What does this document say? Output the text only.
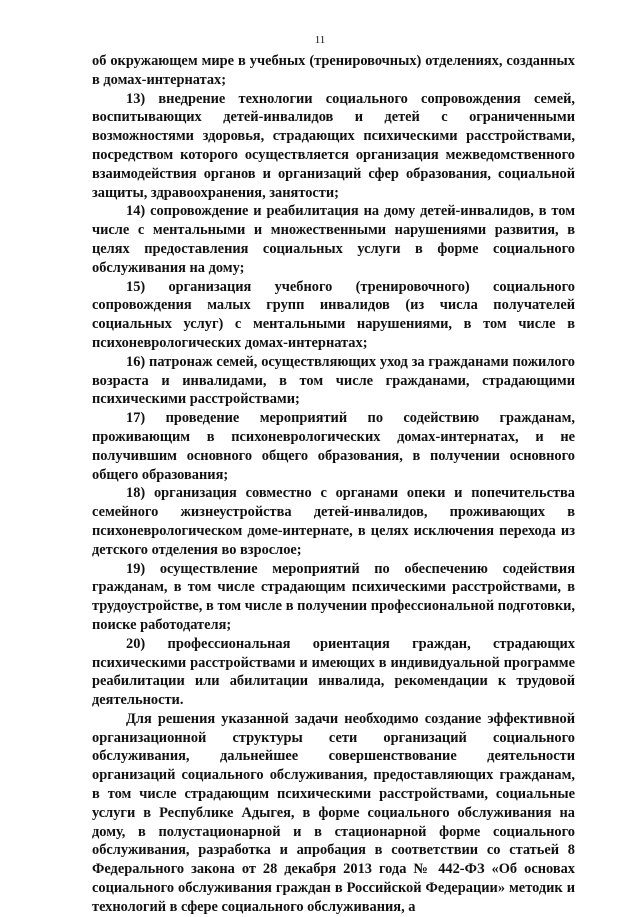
11

об окружающем мире в учебных (тренировочных) отделениях, созданных в домах-интернатах;

13) внедрение технологии социального сопровождения семей, воспитывающих детей-инвалидов и детей с ограниченными возможностями здоровья, страдающих психическими расстройствами, посредством которого осуществляется организация межведомственного взаимодействия органов и организаций сфер образования, социальной защиты, здравоохранения, занятости;

14) сопровождение и реабилитация на дому детей-инвалидов, в том числе с ментальными и множественными нарушениями развития, в целях предоставления социальных услуги в форме социального обслуживания на дому;

15) организация учебного (тренировочного) социального сопровождения малых групп инвалидов (из числа получателей социальных услуг) с ментальными нарушениями, в том числе в психоневрологических домах-интернатах;

16) патронаж семей, осуществляющих уход за гражданами пожилого возраста и инвалидами, в том числе гражданами, страдающими психическими расстройствами;

17) проведение мероприятий по содействию гражданам, проживающим в психоневрологических домах-интернатах, и не получившим основного общего образования, в получении основного общего образования;

18) организация совместно с органами опеки и попечительства семейного жизнеустройства детей-инвалидов, проживающих в психоневрологическом доме-интернате, в целях исключения перехода из детского отделения во взрослое;

19) осуществление мероприятий по обеспечению содействия гражданам, в том числе страдающим психическими расстройствами, в трудоустройстве, в том числе в получении профессиональной подготовки, поиске работодателя;

20) профессиональная ориентация граждан, страдающих психическими расстройствами и имеющих в индивидуальной программе реабилитации или абилитации инвалида, рекомендации к трудовой деятельности.

Для решения указанной задачи необходимо создание эффективной организационной структуры сети организаций социального обслуживания, дальнейшее совершенствование деятельности организаций социального обслуживания, предоставляющих гражданам, в том числе страдающим психическими расстройствами, социальные услуги в Республике Адыгея, в форме социального обслуживания на дому, в полустационарной и в стационарной форме социального обслуживания, разработка и апробация в соответствии со статьей 8 Федерального закона от 28 декабря 2013 года № 442-ФЗ «Об основах социального обслуживания граждан в Российской Федерации» методик и технологий в сфере социального обслуживания, а
